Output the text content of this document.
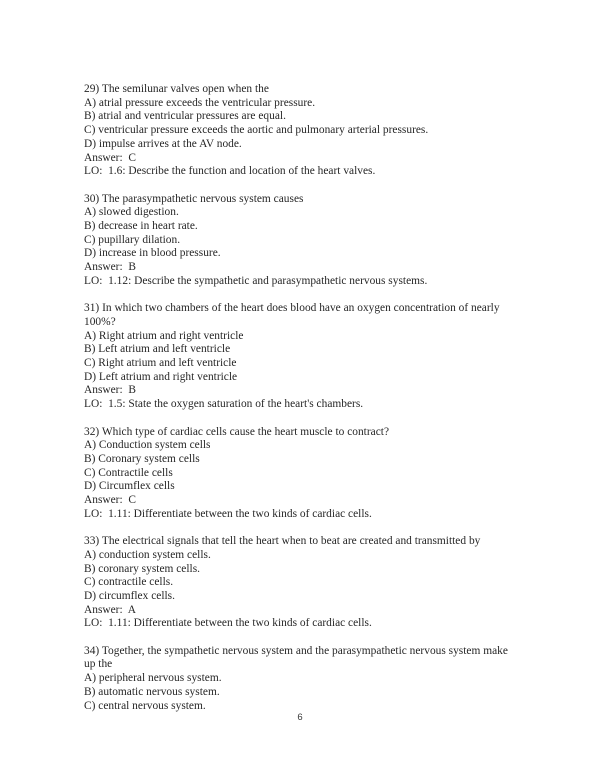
29) The semilunar valves open when the

A) atrial pressure exceeds the ventricular pressure.

B) atrial and ventricular pressures are equal.

C) ventricular pressure exceeds the aortic and pulmonary arterial pressures.

D) impulse arrives at the AV node.

Answer:  C

LO:  1.6: Describe the function and location of the heart valves.

30) The parasympathetic nervous system causes

A) slowed digestion.

B) decrease in heart rate.

C) pupillary dilation.

D) increase in blood pressure.

Answer:  B

LO:  1.12: Describe the sympathetic and parasympathetic nervous systems.

31) In which two chambers of the heart does blood have an oxygen concentration of nearly 100%?

A) Right atrium and right ventricle

B) Left atrium and left ventricle

C) Right atrium and left ventricle

D) Left atrium and right ventricle

Answer:  B

LO:  1.5: State the oxygen saturation of the heart's chambers.

32) Which type of cardiac cells cause the heart muscle to contract?

A) Conduction system cells

B) Coronary system cells

C) Contractile cells

D) Circumflex cells

Answer:  C

LO:  1.11: Differentiate between the two kinds of cardiac cells.

33) The electrical signals that tell the heart when to beat are created and transmitted by

A) conduction system cells.

B) coronary system cells.

C) contractile cells.

D) circumflex cells.

Answer:  A

LO:  1.11: Differentiate between the two kinds of cardiac cells.

34) Together, the sympathetic nervous system and the parasympathetic nervous system make up the

A) peripheral nervous system.

B) automatic nervous system.

C) central nervous system.

6
